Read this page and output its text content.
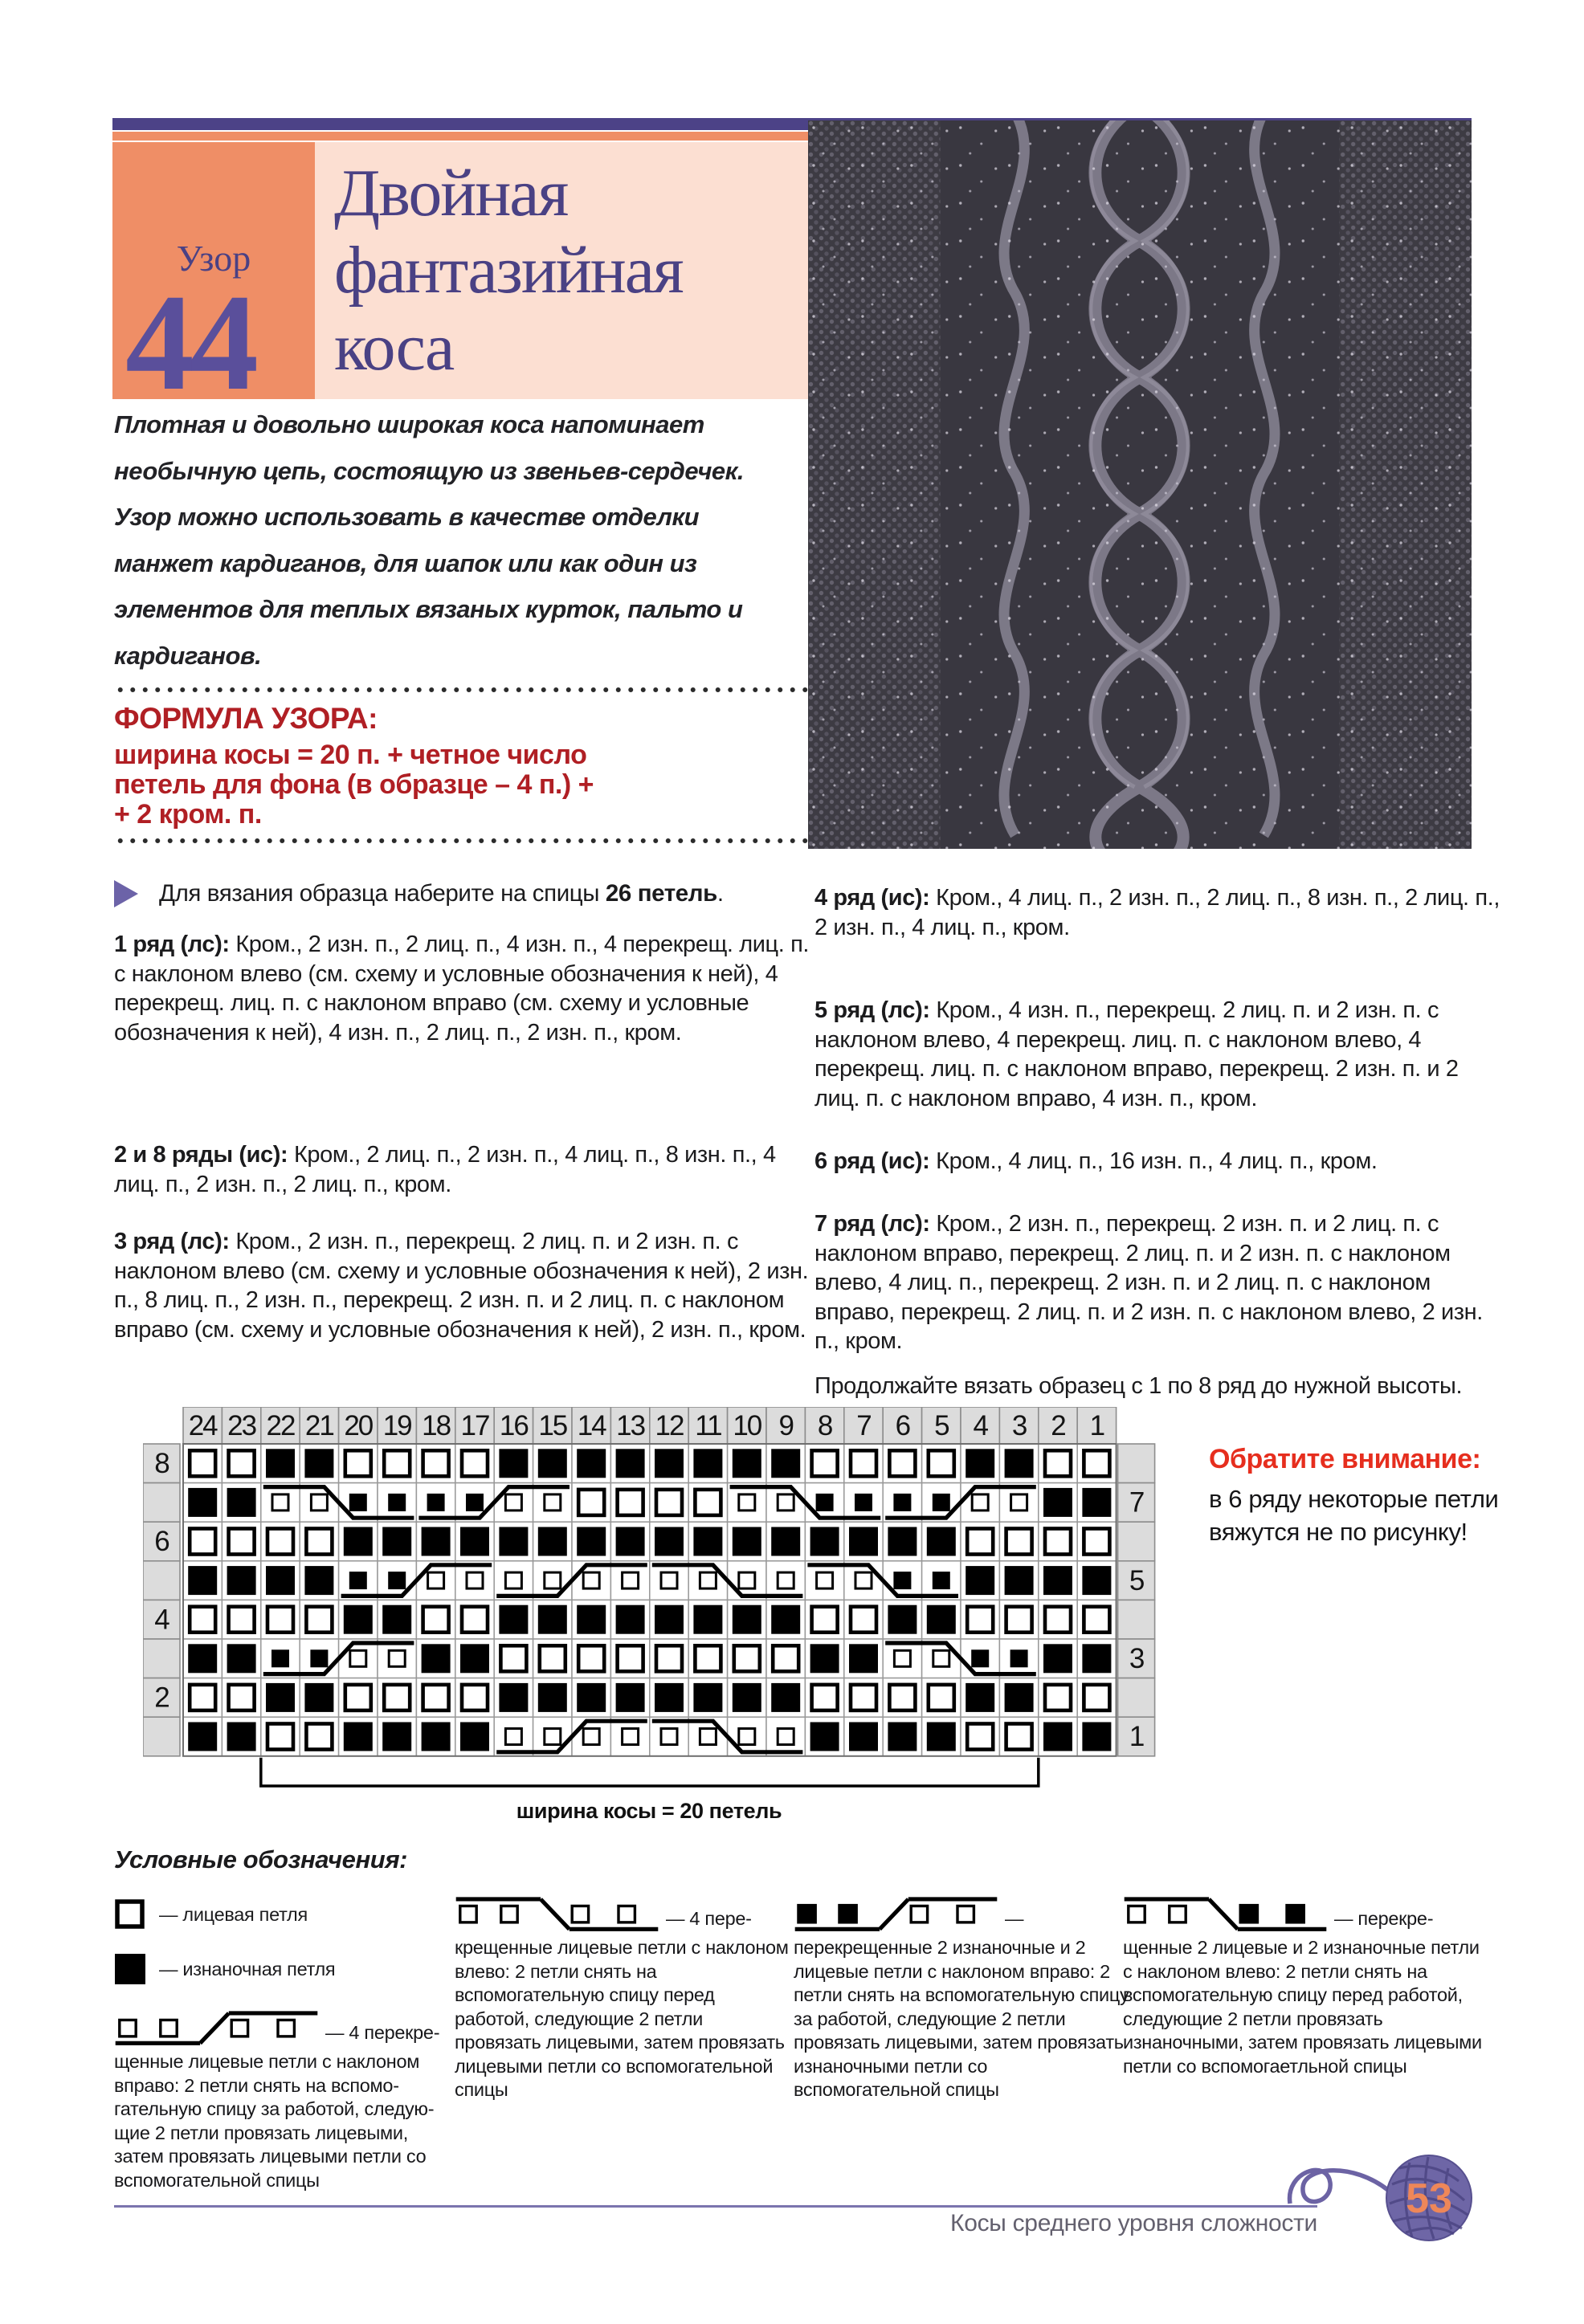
Узор
44
Двойная
фантазийная
коса
Плотная и довольно широкая коса напоминает
необычную цепь, состоящую из звеньев-сердечек.
Узор можно использовать в качестве отделки
манжет кардиганов, для шапок или как один из
элементов для теплых вязаных курток, пальто и
кардиганов.
ФОРМУЛА УЗОРА:
ширина косы = 20 п. + четное число
петель для фона (в образце – 4 п.) +
+ 2 кром. п.
Для вязания образца наберите на спицы 26 петель.
1 ряд (лс): Кром., 2 изн. п., 2 лиц. п., 4 изн. п., 4 перекрещ. лиц. п. с наклоном влево (см. схему и условные обозначения к ней), 4 перекрещ. лиц. п. с наклоном вправо (см. схему и условные обозначения к ней), 4 изн. п., 2 лиц. п., 2 изн. п., кром.
2 и 8 ряды (ис): Кром., 2 лиц. п., 2 изн. п., 4 лиц. п., 8 изн. п., 4 лиц. п., 2 изн. п., 2 лиц. п., кром.
3 ряд (лс): Кром., 2 изн. п., перекрещ. 2 лиц. п. и 2 изн. п. с наклоном влево (см. схему и условные обозначения к ней), 2 изн. п., 8 лиц. п., 2 изн. п., перекрещ. 2 изн. п. и 2 лиц. п. с наклоном вправо (см. схему и условные обозначения к ней), 2 изн. п., кром.
4 ряд (ис): Кром., 4 лиц. п., 2 изн. п., 2 лиц. п., 8 изн. п., 2 лиц. п., 2 изн. п., 4 лиц. п., кром.
5 ряд (лс): Кром., 4 изн. п., перекрещ. 2 лиц. п. и 2 изн. п. с наклоном влево, 4 перекрещ. лиц. п. с наклоном влево, 4 перекрещ. лиц. п. с наклоном вправо, перекрещ. 2 изн. п. и 2 лиц. п. с наклоном вправо, 4 изн. п., кром.
6 ряд (ис): Кром., 4 лиц. п., 16 изн. п., 4 лиц. п., кром.
7 ряд (лс): Кром., 2 изн. п., перекрещ. 2 изн. п. и 2 лиц. п. с наклоном вправо, перекрещ. 2 лиц. п. и 2 изн. п. с наклоном влево, 4 лиц. п., перекрещ. 2 изн. п. и 2 лиц. п. с наклоном вправо, перекрещ. 2 лиц. п. и 2 изн. п. с наклоном влево, 2 изн. п., кром.
Продолжайте вязать образец с 1 по 8 ряд до нужной высоты.
24 23 22 21 20 19 18 17 16 15 14 13 12 11 10 9 8 7 6 5 4 3 2 1
8
7
6
5
4
3
2
1
ширина косы = 20 петель
Обратите внимание:
в 6 ряду некоторые петли
вяжутся не по рисунку!
Условные обозначения:
— лицевая петля
— изнаночная петля
— 4 перекрещенные лицевые петли с наклоном вправо: 2 петли снять на вспомогательную спицу за работой, следующие 2 петли провязать лицевыми, затем провязать лицевыми петли со вспомогательной спицы
— 4 перекрещенные лицевые петли с наклоном влево: 2 петли снять на вспомогательную спицу перед работой, следующие 2 петли провязать лицевыми, затем провязать лицевыми петли со вспомогательной спицы
— перекрещенные 2 изнаночные и 2 лицевые петли с наклоном вправо: 2 петли снять на вспомогательную спицу за работой, следующие 2 петли провязать лицевыми, затем провязать изнаночными петли со вспомогательной спицы
— перекрещенные 2 лицевые и 2 изнаночные петли с наклоном влево: 2 петли снять на вспомогательную спицу перед работой, следующие 2 петли провязать изнаночными, затем провязать лицевыми петли со вспомогаетльной спицы
Косы среднего уровня сложности
53
